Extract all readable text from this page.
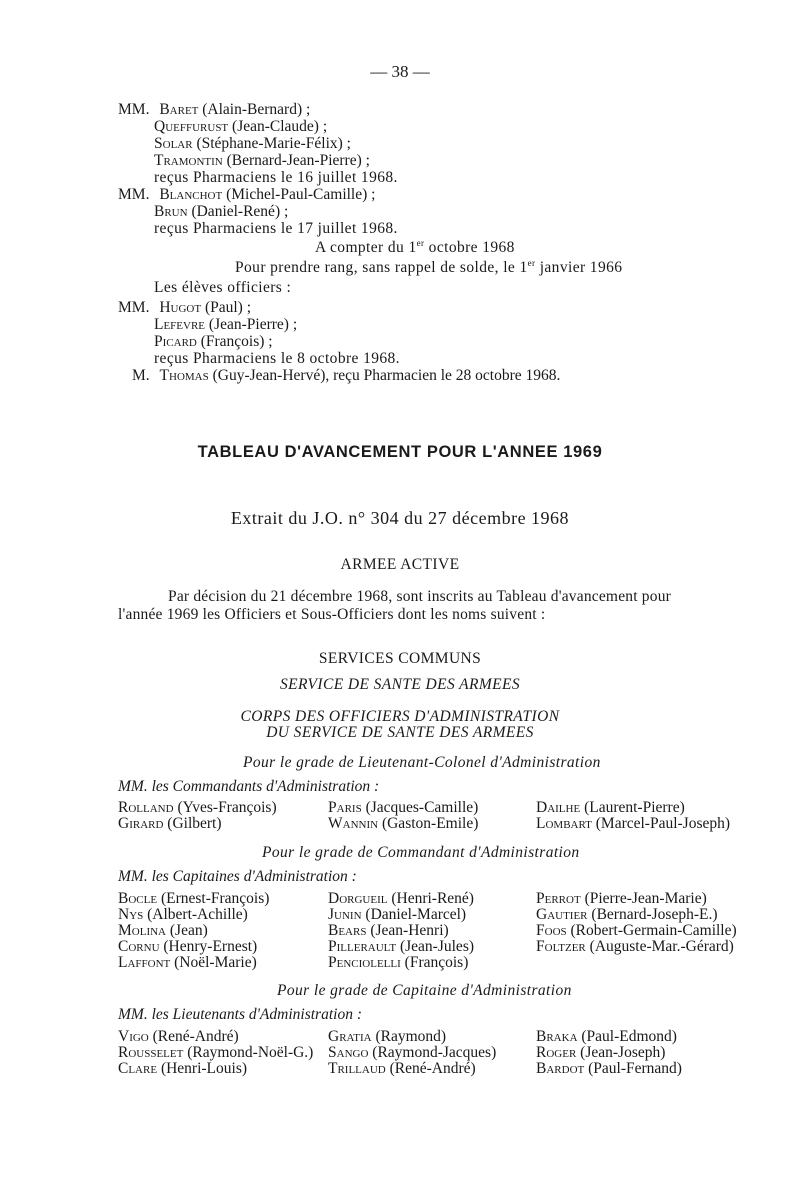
— 38 —
MM. Baret (Alain-Bernard) ;
Queffurust (Jean-Claude) ;
Solar (Stéphane-Marie-Félix) ;
Tramontin (Bernard-Jean-Pierre) ;
reçus Pharmaciens le 16 juillet 1968.
MM. Blanchot (Michel-Paul-Camille) ;
Brun (Daniel-René) ;
reçus Pharmaciens le 17 juillet 1968.
A compter du 1er octobre 1968
Pour prendre rang, sans rappel de solde, le 1er janvier 1966
Les élèves officiers :
MM. Hugot (Paul) ;
Lefevre (Jean-Pierre) ;
Picard (François) ;
reçus Pharmaciens le 8 octobre 1968.
M. Thomas (Guy-Jean-Hervé), reçu Pharmacien le 28 octobre 1968.
TABLEAU D'AVANCEMENT POUR L'ANNEE 1969
Extrait du J.O. n° 304 du 27 décembre 1968
ARMEE ACTIVE
Par décision du 21 décembre 1968, sont inscrits au Tableau d'avancement pour
l'année 1969 les Officiers et Sous-Officiers dont les noms suivent :
SERVICES COMMUNS
SERVICE DE SANTE DES ARMEES
CORPS DES OFFICIERS D'ADMINISTRATION
DU SERVICE DE SANTE DES ARMEES
Pour le grade de Lieutenant-Colonel d'Administration
MM. les Commandants d'Administration :
Rolland (Yves-François)
Girard (Gilbert)
Paris (Jacques-Camille)
Wannin (Gaston-Emile)
Dailhe (Laurent-Pierre)
Lombart (Marcel-Paul-Joseph)
Pour le grade de Commandant d'Administration
MM. les Capitaines d'Administration :
Bocle (Ernest-François)
Nys (Albert-Achille)
Molina (Jean)
Cornu (Henry-Ernest)
Laffont (Noël-Marie)
Dorgueil (Henri-René)
Junin (Daniel-Marcel)
Bears (Jean-Henri)
Pillerault (Jean-Jules)
Penciolelli (François)
Perrot (Pierre-Jean-Marie)
Gautier (Bernard-Joseph-E.)
Foos (Robert-Germain-Camille)
Foltzer (Auguste-Mar.-Gérard)
Pour le grade de Capitaine d'Administration
MM. les Lieutenants d'Administration :
Vigo (René-André)
Rousselet (Raymond-Noël-G.)
Clare (Henri-Louis)
Gratia (Raymond)
Sango (Raymond-Jacques)
Trillaud (René-André)
Braka (Paul-Edmond)
Roger (Jean-Joseph)
Bardot (Paul-Fernand)
